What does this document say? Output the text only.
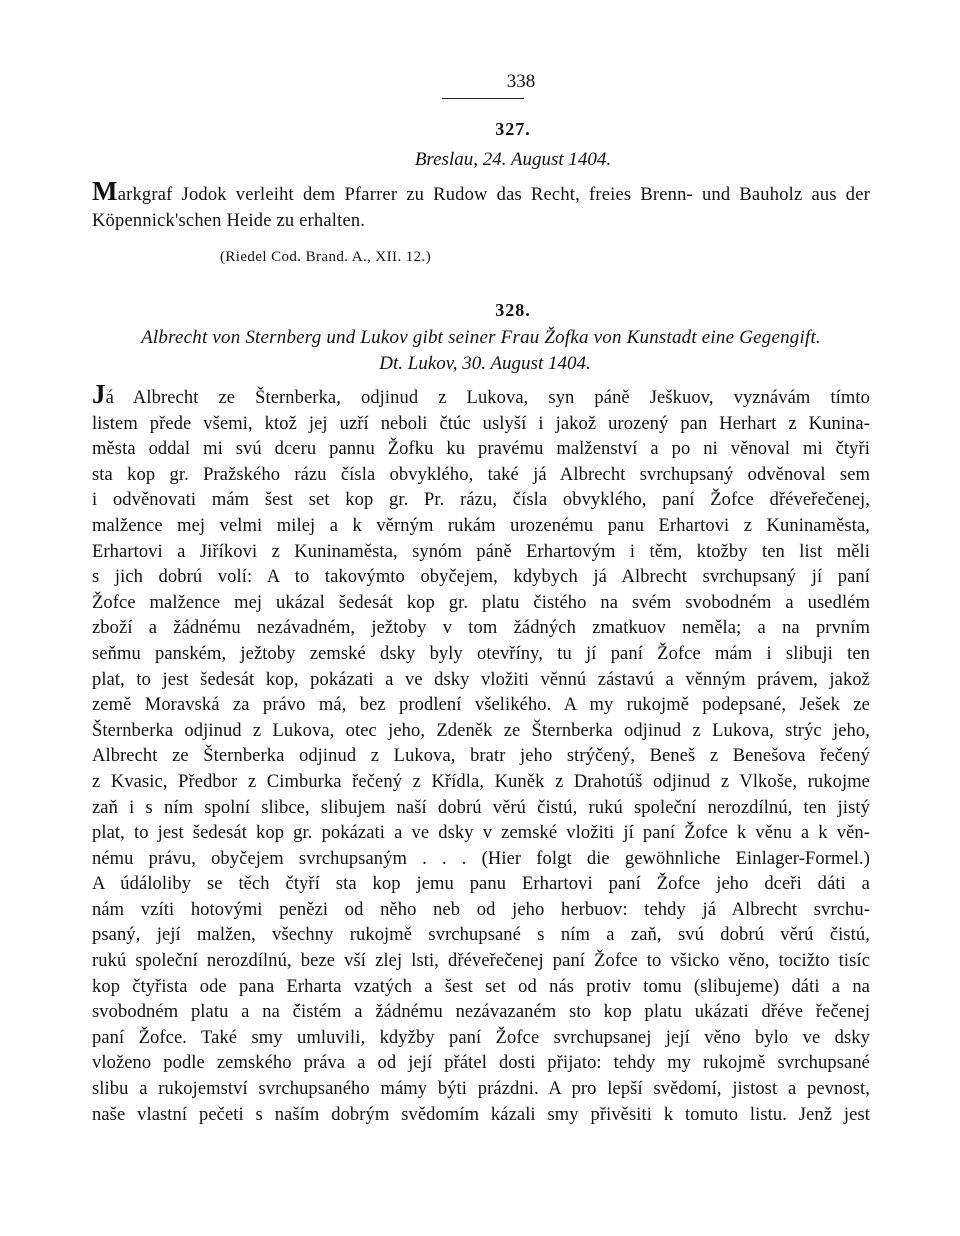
338
327.
Breslau, 24. August 1404.
Markgraf Jodok verleiht dem Pfarrer zu Rudow das Recht, freies Brenn- und Bauholz aus der Köpennick'schen Heide zu erhalten.
(Riedel Cod. Brand. A., XII. 12.)
328.
Albrecht von Sternberg und Lukov gibt seiner Frau Žofka von Kunstadt eine Gegengift.
Dt. Lukov, 30. August 1404.
Já Albrecht ze Šternberka, odjinud z Lukova, syn páně Ješkuov, vyznávám tímto
listem přede všemi, ktož jej uzří neboli čtúc uslyší i jakož urozený pan Herhart z Kunina-
města oddal mi svú dceru pannu Žofku ku pravému malženství a po ni věnoval mi čtyři
sta kop gr. Pražského rázu čísla obvyklého, také já Albrecht svrchupsaný odvěnoval sem
i odvěnovati mám šest set kop gr. Pr. rázu, čísla obvyklého, paní Žofce dřéveřečenej,
malžence mej velmi milej a k věrným rukám urozenému panu Erhartovi z Kuninaměsta,
Erhartovi a Jiříkovi z Kuninaměsta, synóm páně Erhartovým i těm, ktožby ten list měli
s jich dobrú volí: A to takovýmto obyčejem, kdybych já Albrecht svrchupsaný jí paní
Žofce malžence mej ukázal šedesát kop gr. platu čistého na svém svobodném a usedlém
zboží a žádnému nezávadném, ježtoby v tom žádných zmatkuov neměla; a na prvním
seňmu panském, ježtoby zemské dsky byly otevříny, tu jí paní Žofce mám i slibuji ten
plat, to jest šedesát kop, pokázati a ve dsky vložiti věnnú zástavú a věnným právem, jakož
země Moravská za právo má, bez prodlení všelikého. A my rukojmě podepsané, Ješek ze
Šternberka odjinud z Lukova, otec jeho, Zdeněk ze Šternberka odjinud z Lukova, strýc jeho,
Albrecht ze Šternberka odjinud z Lukova, bratr jeho strýčený, Beneš z Benešova řečený
z Kvasic, Předbor z Cimburka řečený z Křídla, Kuněk z Drahotúš odjinud z Vlkoše, rukojme
zaň i s ním spolní slibce, slibujem naší dobrú věrú čistú, rukú společní nerozdílnú, ten jistý
plat, to jest šedesát kop gr. pokázati a ve dsky v zemské vložiti jí paní Žofce k věnu a k věn-
nému právu, obyčejem svrchupsaným . . . (Hier folgt die gewöhnliche Einlager-Formel.)
A údáloliby se těch čtyří sta kop jemu panu Erhartovi paní Žofce jeho dceři dáti a
nám vzíti hotovými penězi od něho neb od jeho herbuov: tehdy já Albrecht svrchu-
psaný, její malžen, všechny rukojmě svrchupsané s ním a zaň, svú dobrú věrú čistú,
rukú společní nerozdílnú, beze vší zlej lsti, dřéveřečenej paní Žofce to všicko věno, tocižto tisíc
kop čtyřista ode pana Erharta vzatých a šest set od nás protiv tomu (slibujeme) dáti a na
svobodném platu a na čistém a žádnému nezávazaném sto kop platu ukázati dřéve řečenej
paní Žofce. Také smy umluvili, kdyžby paní Žofce svrchupsanej její věno bylo ve dsky
vloženo podle zemského práva a od její přátel dosti přijato: tehdy my rukojmě svrchupsané
slibu a rukojemství svrchupsaného mámy býti prázdni. A pro lepší svědomí, jistost a pevnost,
naše vlastní pečeti s naším dobrým svědomím kázali smy přivěsiti k tomuto listu. Jenž jest
